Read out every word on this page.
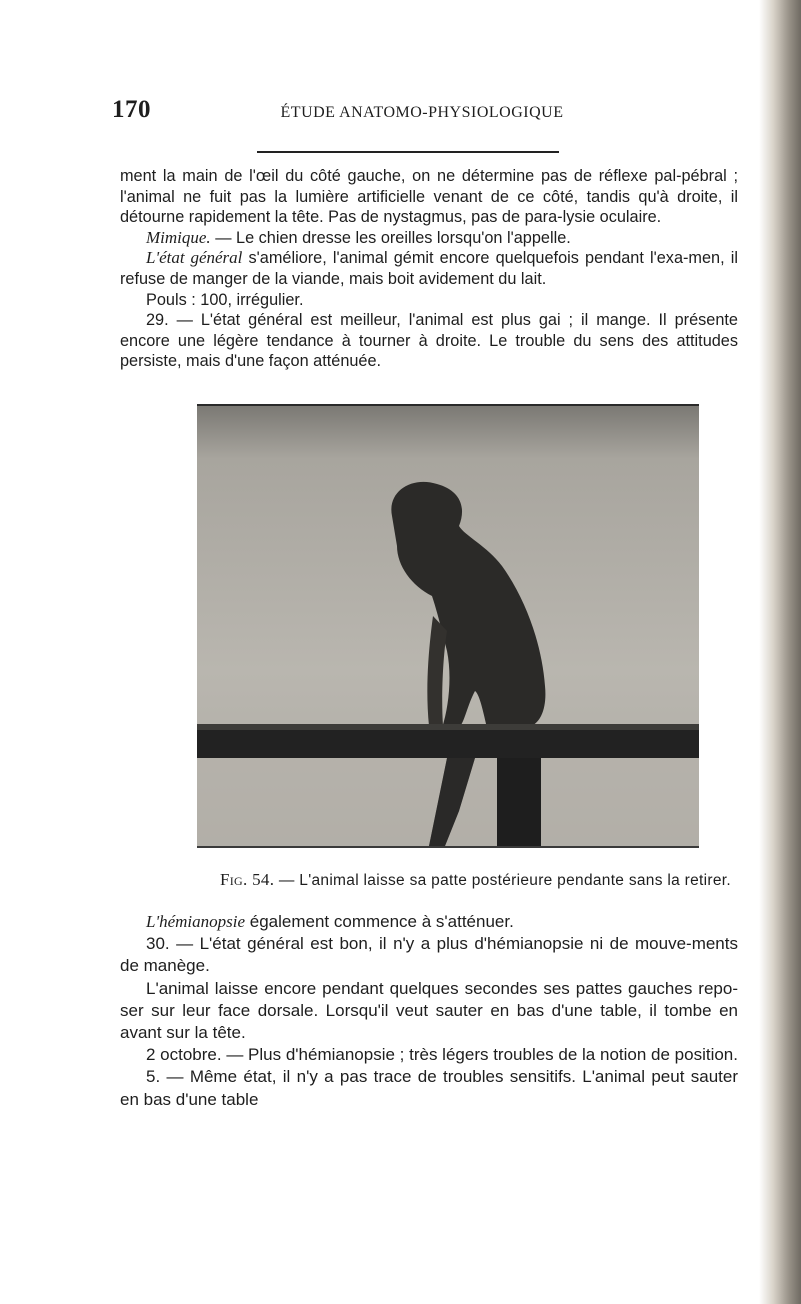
170	ÉTUDE ANATOMO-PHYSIOLOGIQUE

ment la main de l'œil du côté gauche, on ne détermine pas de réflexe pal-pébral ; l'animal ne fuit pas la lumière artificielle venant de ce côté, tandis qu'à droite, il détourne rapidement la tête. Pas de nystagmus, pas de para-lysie oculaire.

Mimique. — Le chien dresse les oreilles lorsqu'on l'appelle.

L'état général s'améliore, l'animal gémit encore quelquefois pendant l'exa-men, il refuse de manger de la viande, mais boit avidement du lait.

Pouls : 100, irrégulier.

29. — L'état général est meilleur, l'animal est plus gai ; il mange. Il présente encore une légère tendance à tourner à droite. Le trouble du sens des attitudes persiste, mais d'une façon atténuée.

Fig. 54. — L'animal laisse sa patte postérieure pendante sans la retirer.

L'hémianopsie également commence à s'atténuer.

30. — L'état général est bon, il n'y a plus d'hémianopsie ni de mouve-ments de manège.

L'animal laisse encore pendant quelques secondes ses pattes gauches repo-ser sur leur face dorsale. Lorsqu'il veut sauter en bas d'une table, il tombe en avant sur la tête.

2 octobre. — Plus d'hémianopsie ; très légers troubles de la notion de position.

5. — Même état, il n'y a pas trace de troubles sensitifs. L'animal peut sauter en bas d'une table
